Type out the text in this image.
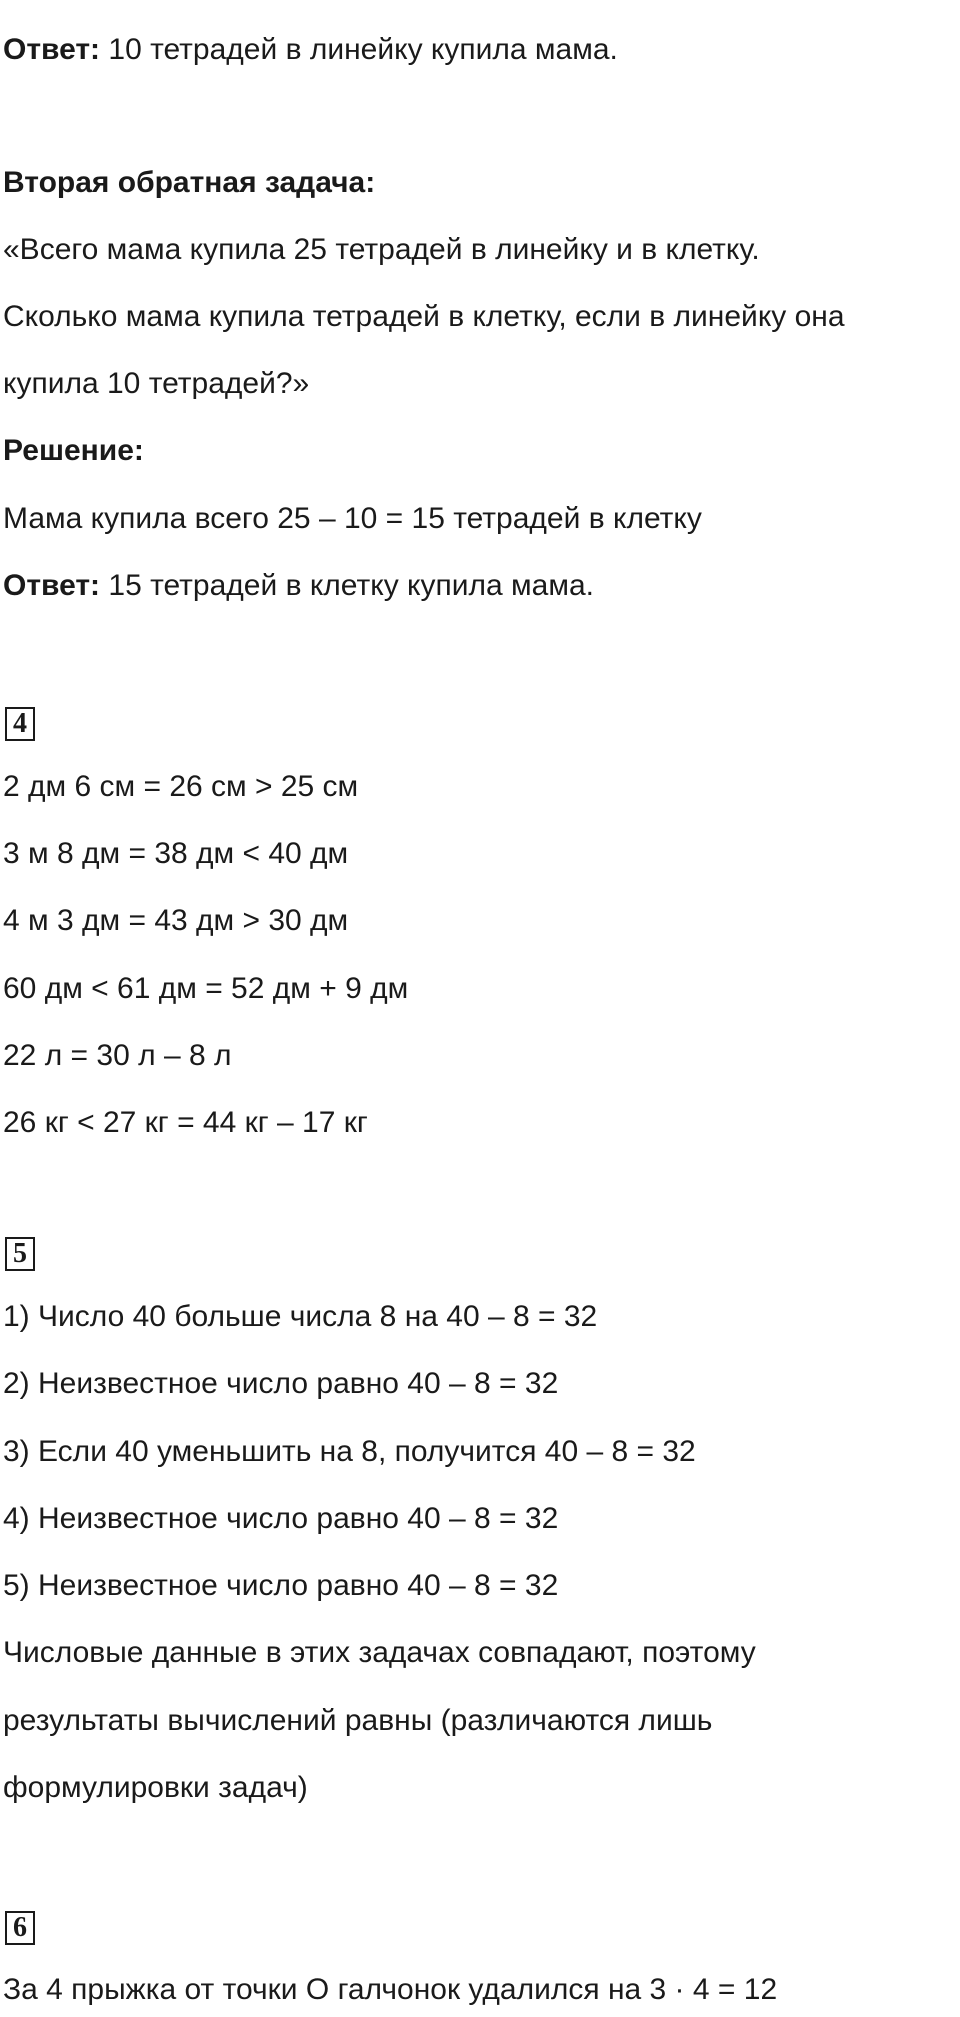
Ответ: 10 тетрадей в линейку купила мама.
Вторая обратная задача:
«Всего мама купила 25 тетрадей в линейку и в клетку.
Сколько мама купила тетрадей в клетку, если в линейку она
купила 10 тетрадей?»
Решение:
Мама купила всего 25 – 10 = 15 тетрадей в клетку
Ответ: 15 тетрадей в клетку купила мама.
4
2 дм 6 см = 26 см > 25 см
3 м 8 дм = 38 дм < 40 дм
4 м 3 дм = 43 дм > 30 дм
60 дм < 61 дм = 52 дм + 9 дм
22 л = 30 л – 8 л
26 кг < 27 кг = 44 кг – 17 кг
5
1) Число 40 больше числа 8 на 40 – 8 = 32
2) Неизвестное число равно 40 – 8 = 32
3) Если 40 уменьшить на 8, получится 40 – 8 = 32
4) Неизвестное число равно 40 – 8 = 32
5) Неизвестное число равно 40 – 8 = 32
Числовые данные в этих задачах совпадают, поэтому
результаты вычислений равны (различаются лишь
формулировки задач)
6
За 4 прыжка от точки О галчонок удалился на 3 · 4 = 12
